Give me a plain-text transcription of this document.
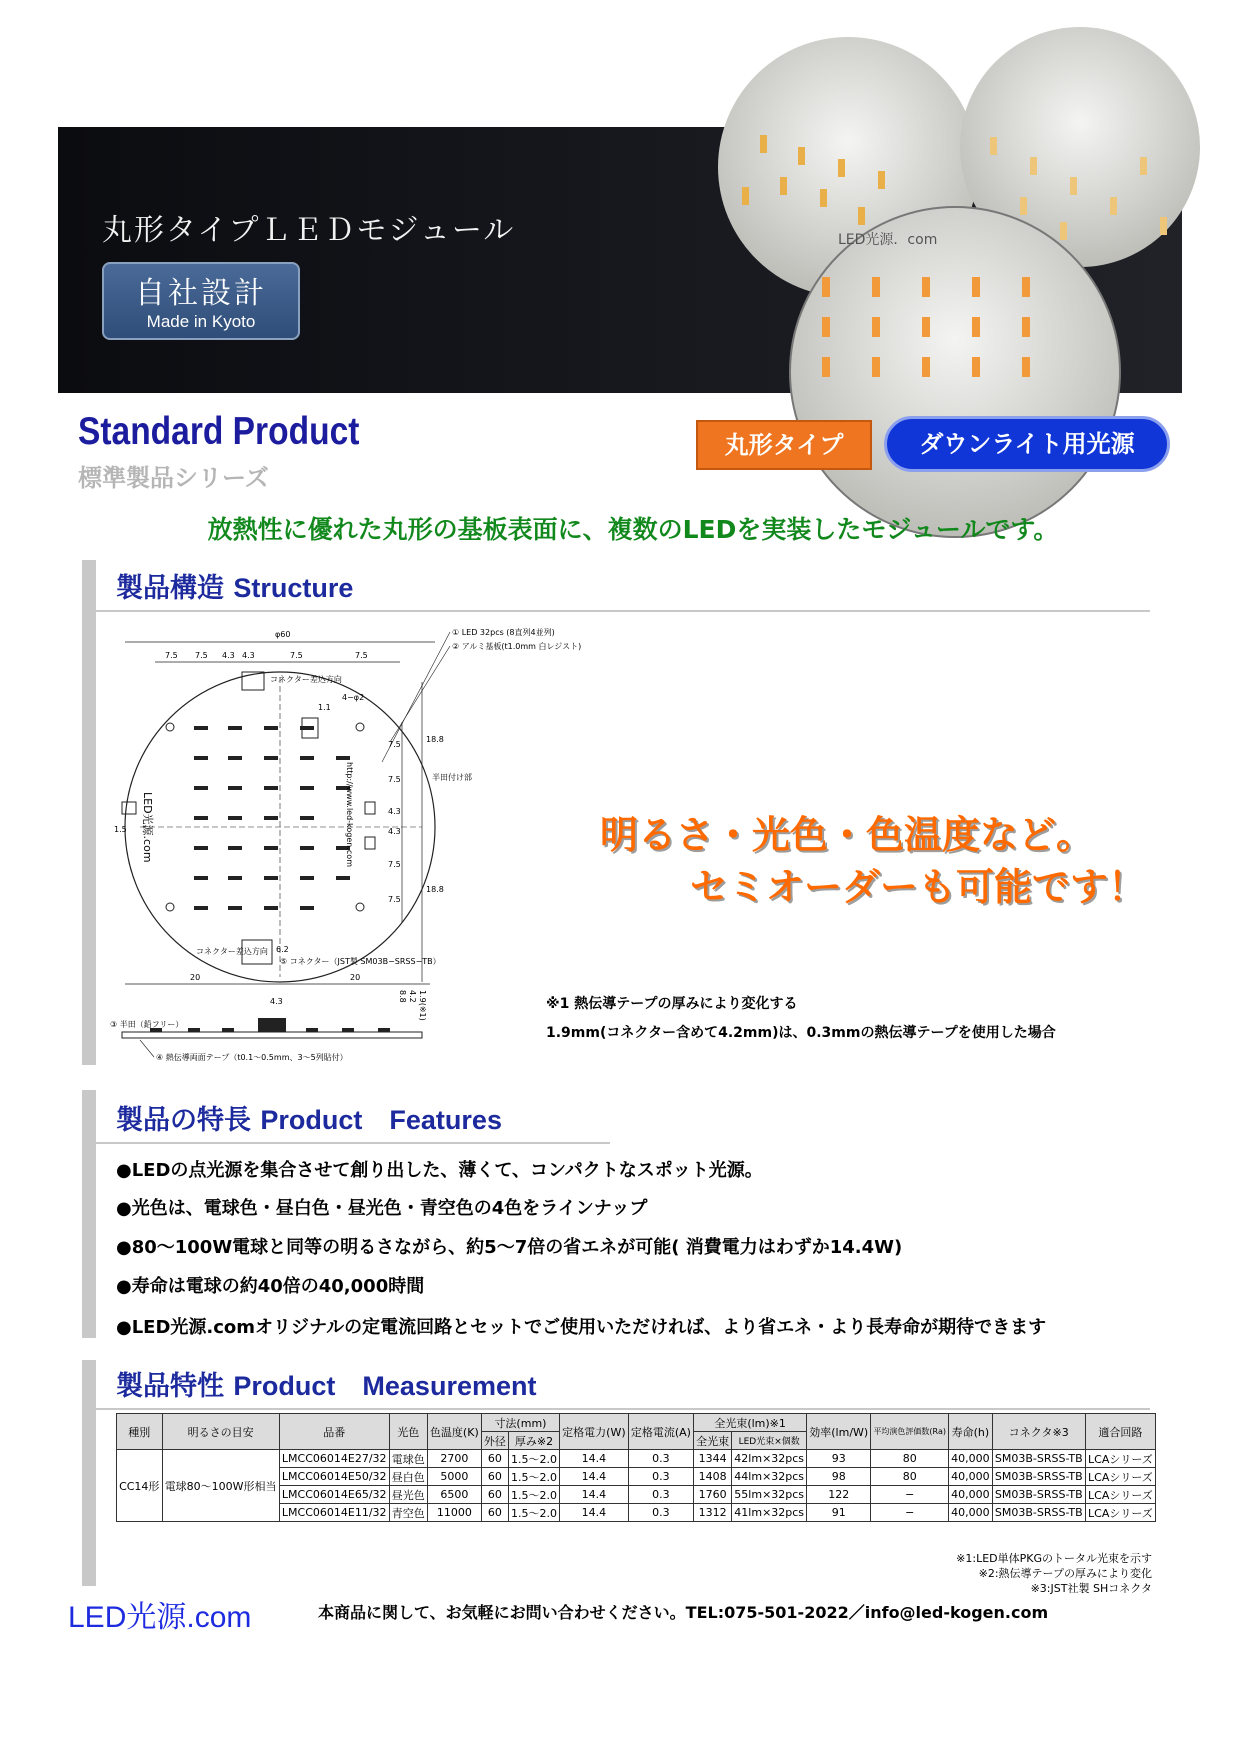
丸形タイプＬＥＤモジュール
自社設計
Made in Kyoto
LED光源．com
Standard Product
標準製品シリーズ
丸形タイプ	ダウンライト用光源
放熱性に優れた丸形の基板表面に、複数のLEDを実装したモジュールです。
製品構造 Structure
φ60
7.5 7.5 4.3 4.3	7.5	7.5
① LED 32pcs (8直列4並列)
② アルミ基板(t1.0mm 白レジスト)
コネクター差込方向
4−φ2
1.1
7.5
7.5
4.3
4.3
7.5
7.5
18.8
18.8
半田付け部
http://www.led-kogen.com
LED光源.com
1.5
コネクター差込方向 6.2
⑤ コネクター（JST製 SM03B−SRSS−TB）
20	20
4.3	8.8 4.2 1.9(※1)
③ 半田（鉛フリー）
④ 熱伝導両面テープ（t0.1〜0.5mm、3〜5列貼付）
明るさ・光色・色温度など。
セミオーダーも可能です！
※1 熱伝導テープの厚みにより変化する
1.9mm(コネクター含めて4.2mm)は、0.3mmの熱伝導テープを使用した場合
製品の特長 Product　Features
●LEDの点光源を集合させて創り出した、薄くて、コンパクトなスポット光源。
●光色は、電球色・昼白色・昼光色・青空色の4色をラインナップ
●80〜100W電球と同等の明るさながら、約5〜7倍の省エネが可能( 消費電力はわずか14.4W)
●寿命は電球の約40倍の40,000時間
●LED光源.comオリジナルの定電流回路とセットでご使用いただければ、より省エネ・より長寿命が期待できます
製品特性 Product　Measurement
種別	明るさの目安	品番	光色	色温度(K)	寸法(mm)		定格電力(W)	定格電流(A)	全光束(lm)※1		効率(lm/W)	平均演色評価数(Ra)	寿命(h)	コネクタ※3	適合回路
					外径	厚み※2			全光束	LED光束×個数					
CC14形	電球80〜100W形相当	LMCC06014E27/32	電球色	2700	60	1.5〜2.0	14.4	0.3	1344	42lm×32pcs	93	80	40,000	SM03B-SRSS-TB	LCAシリーズ
		LMCC06014E50/32	昼白色	5000	60	1.5〜2.0	14.4	0.3	1408	44lm×32pcs	98	80	40,000	SM03B-SRSS-TB	LCAシリーズ
		LMCC06014E65/32	昼光色	6500	60	1.5〜2.0	14.4	0.3	1760	55lm×32pcs	122	−	40,000	SM03B-SRSS-TB	LCAシリーズ
		LMCC06014E11/32	青空色	11000	60	1.5〜2.0	14.4	0.3	1312	41lm×32pcs	91	−	40,000	SM03B-SRSS-TB	LCAシリーズ
※1:LED単体PKGのトータル光束を示す
※2:熱伝導テープの厚みにより変化
※3:JST社製 SHコネクタ
LED光源.com	本商品に関して、お気軽にお問い合わせください。TEL:075-501-2022／info@led-kogen.com
